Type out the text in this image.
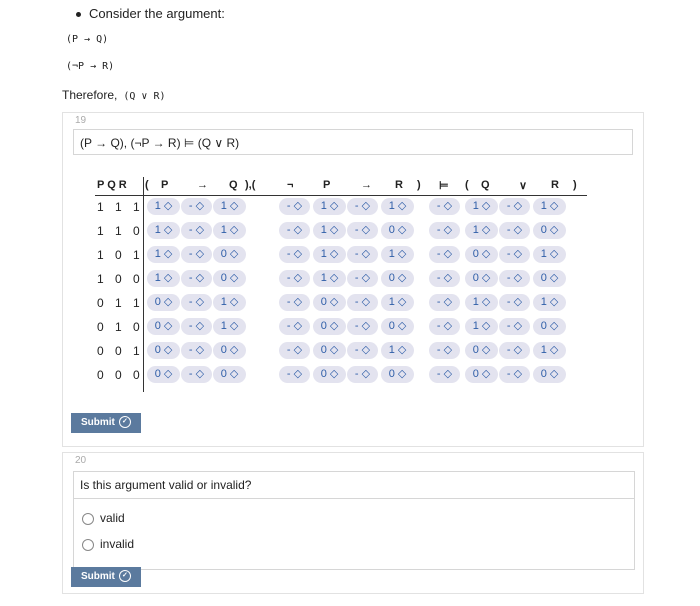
Consider the argument:
(P → Q)
(¬P → R)
Therefore, (Q ∨ R)
19
(P → Q), (¬P → R) ⊨ (Q ∨ R)
P Q R ( P	→ Q ),(	¬	P	→ R ) ⊨ ( Q	∨ R )
1 1 1	1 ◇	- ◇	1 ◇	- ◇	1 ◇	- ◇	1 ◇	- ◇	1 ◇	- ◇	1 ◇
1 1 0	1 ◇	- ◇	1 ◇	- ◇	1 ◇	- ◇	0 ◇	- ◇	1 ◇	- ◇	0 ◇
1 0 1	1 ◇	- ◇	0 ◇	- ◇	1 ◇	- ◇	1 ◇	- ◇	0 ◇	- ◇	1 ◇
1 0 0	1 ◇	- ◇	0 ◇	- ◇	1 ◇	- ◇	0 ◇	- ◇	0 ◇	- ◇	0 ◇
0 1 1	0 ◇	- ◇	1 ◇	- ◇	0 ◇	- ◇	1 ◇	- ◇	1 ◇	- ◇	1 ◇
0 1 0	0 ◇	- ◇	1 ◇	- ◇	0 ◇	- ◇	0 ◇	- ◇	1 ◇	- ◇	0 ◇
0 0 1	0 ◇	- ◇	0 ◇	- ◇	0 ◇	- ◇	1 ◇	- ◇	0 ◇	- ◇	1 ◇
0 0 0	0 ◇	- ◇	0 ◇	- ◇	0 ◇	- ◇	0 ◇	- ◇	0 ◇	- ◇	0 ◇
Submit ✓
20
Is this argument valid or invalid?
valid
invalid
Submit ✓
